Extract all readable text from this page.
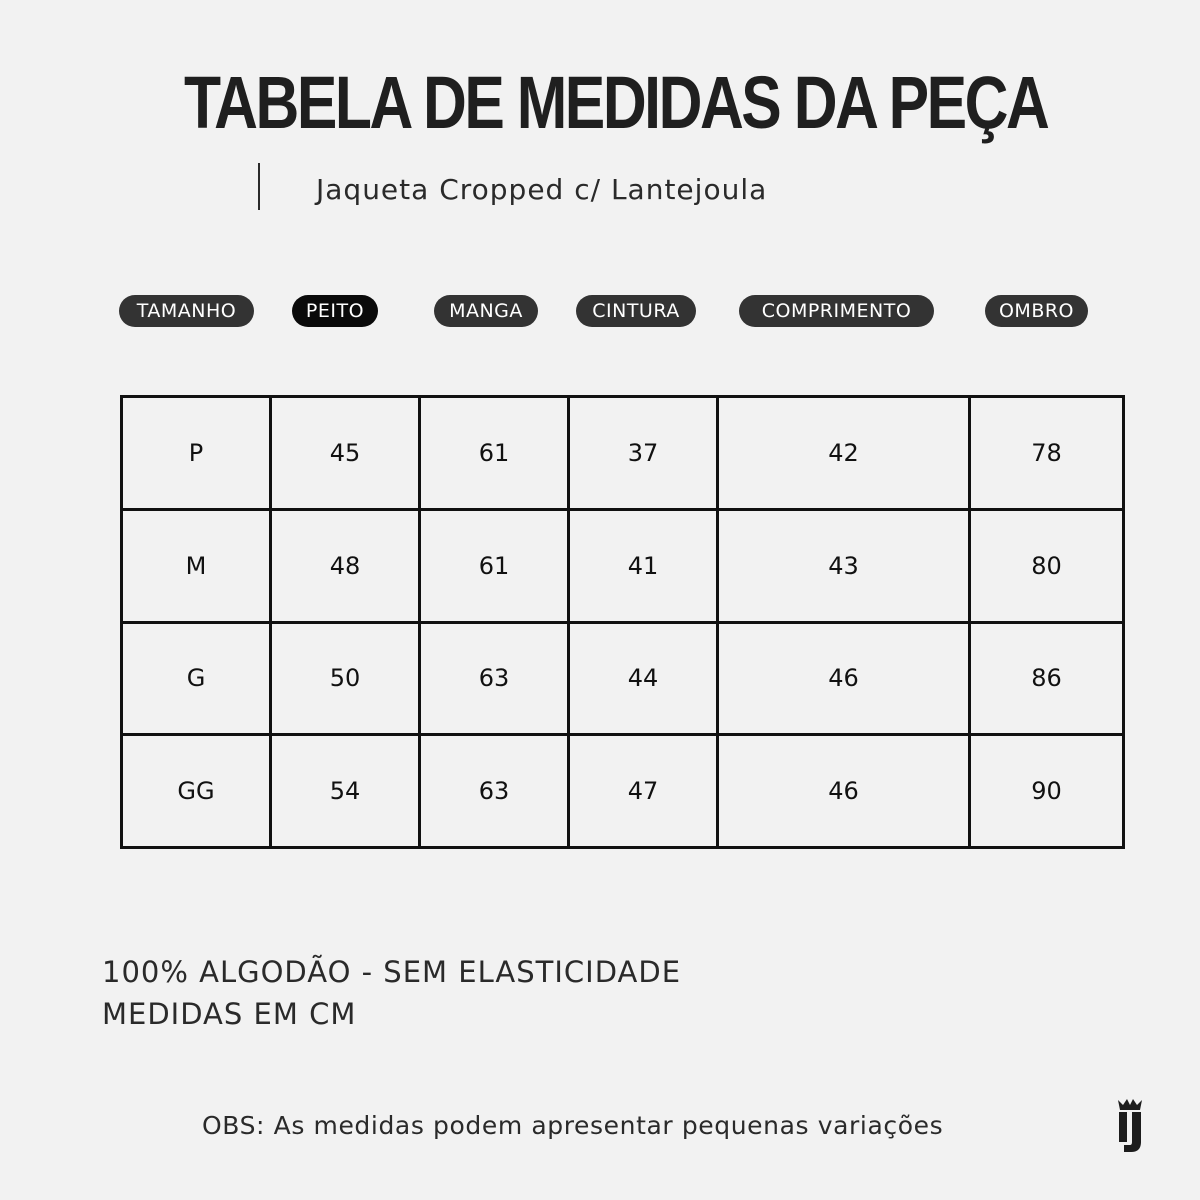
TABELA DE MEDIDAS DA PEÇA
Jaqueta Cropped c/ Lantejoula
TAMANHO	PEITO	MANGA	CINTURA	COMPRIMENTO	OMBRO
P	45	61	37	42	78
M	48	61	41	43	80
G	50	63	44	46	86
GG	54	63	47	46	90
100% ALGODÃO - SEM ELASTICIDADE
MEDIDAS EM CM
OBS: As medidas podem apresentar pequenas variações
